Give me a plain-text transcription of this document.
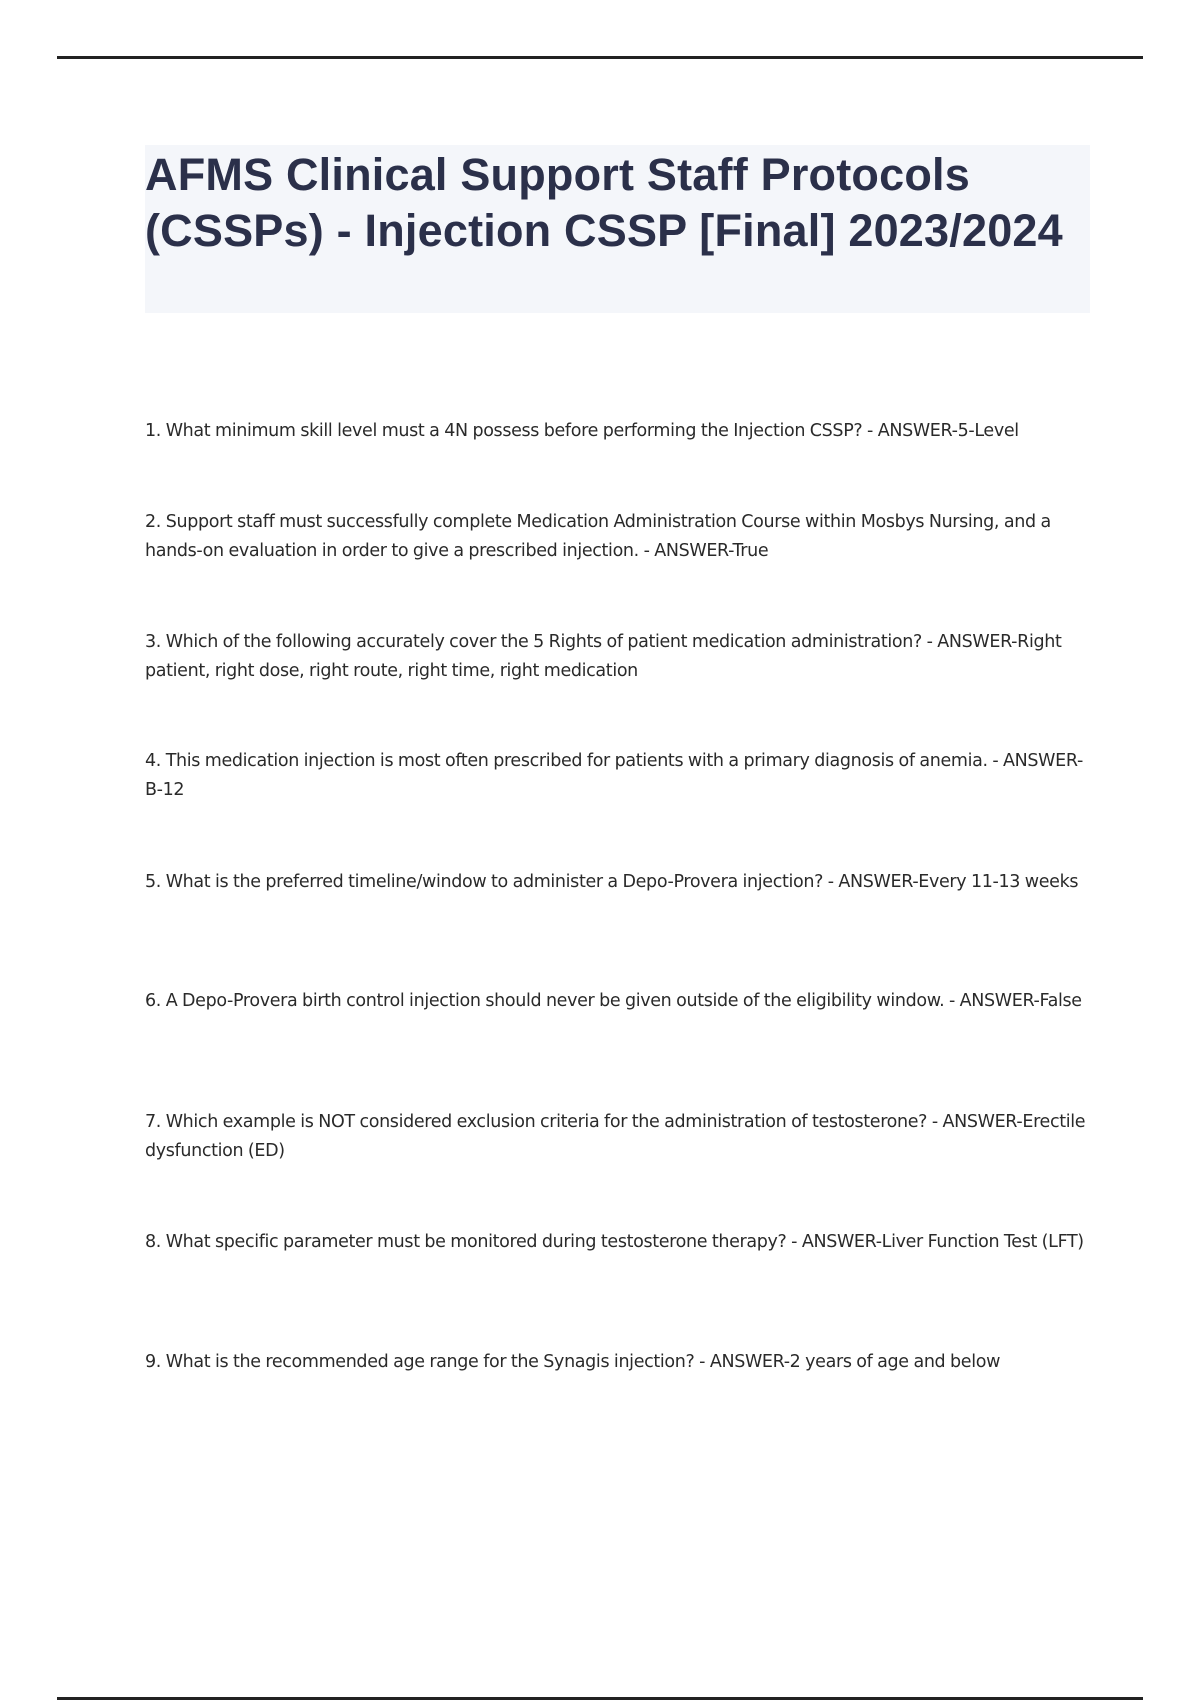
AFMS Clinical Support Staff Protocols (CSSPs) - Injection CSSP [Final] 2023/2024

1. What minimum skill level must a 4N possess before performing the Injection CSSP? - ANSWER-5-Level

2. Support staff must successfully complete Medication Administration Course within Mosbys Nursing, and a hands-on evaluation in order to give a prescribed injection. - ANSWER-True

3. Which of the following accurately cover the 5 Rights of patient medication administration? - ANSWER-Right patient, right dose, right route, right time, right medication

4. This medication injection is most often prescribed for patients with a primary diagnosis of anemia. - ANSWER-B-12

5. What is the preferred timeline/window to administer a Depo-Provera injection? - ANSWER-Every 11-13 weeks

6. A Depo-Provera birth control injection should never be given outside of the eligibility window. - ANSWER-False

7. Which example is NOT considered exclusion criteria for the administration of testosterone? - ANSWER-Erectile dysfunction (ED)

8. What specific parameter must be monitored during testosterone therapy? - ANSWER-Liver Function Test (LFT)

9. What is the recommended age range for the Synagis injection? - ANSWER-2 years of age and below
